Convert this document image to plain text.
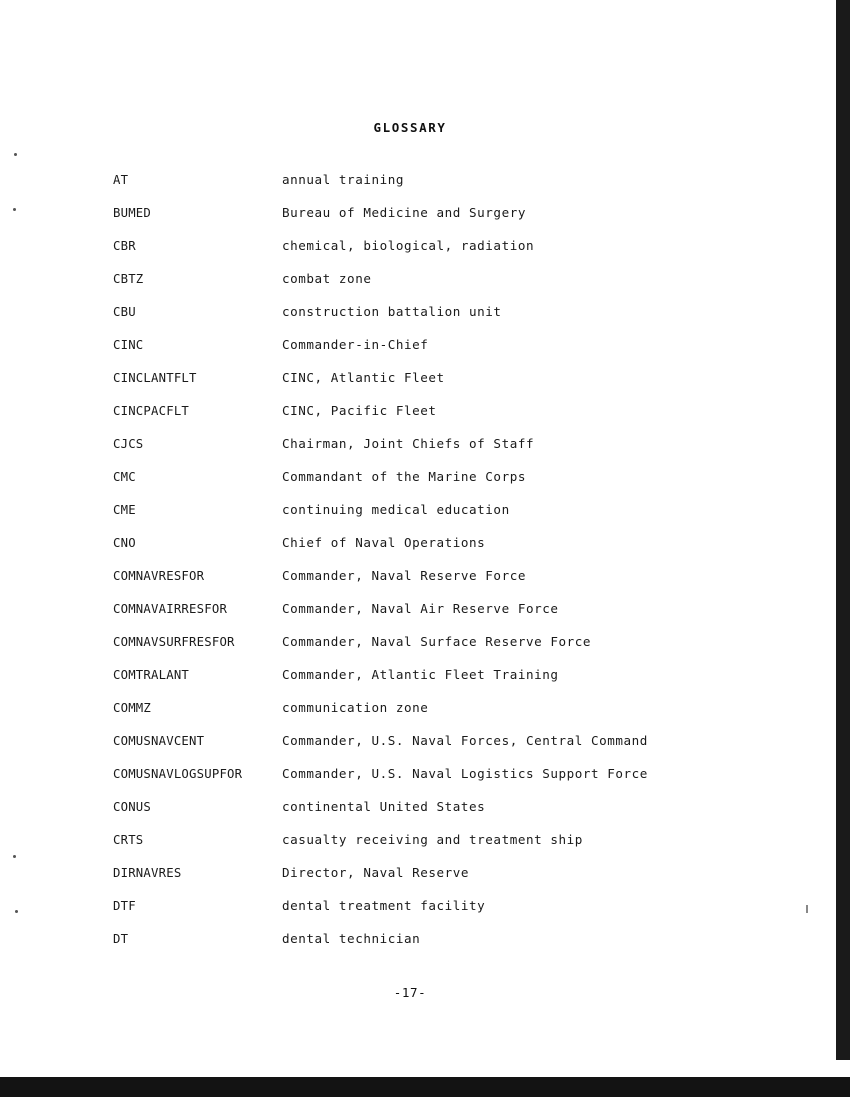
GLOSSARY
AT	annual training
BUMED	Bureau of Medicine and Surgery
CBR	chemical, biological, radiation
CBTZ	combat zone
CBU	construction battalion unit
CINC	Commander-in-Chief
CINCLANTFLT	CINC, Atlantic Fleet
CINCPACFLT	CINC, Pacific Fleet
CJCS	Chairman, Joint Chiefs of Staff
CMC	Commandant of the Marine Corps
CME	continuing medical education
CNO	Chief of Naval Operations
COMNAVRESFOR	Commander, Naval Reserve Force
COMNAVAIRRESFOR	Commander, Naval Air Reserve Force
COMNAVSURFRESFOR	Commander, Naval Surface Reserve Force
COMTRALANT	Commander, Atlantic Fleet Training
COMMZ	communication zone
COMUSNAVCENT	Commander, U.S. Naval Forces, Central Command
COMUSNAVLOGSUPFOR	Commander, U.S. Naval Logistics Support Force
CONUS	continental United States
CRTS	casualty receiving and treatment ship
DIRNAVRES	Director, Naval Reserve
DTF	dental treatment facility
DT	dental technician
-17-
